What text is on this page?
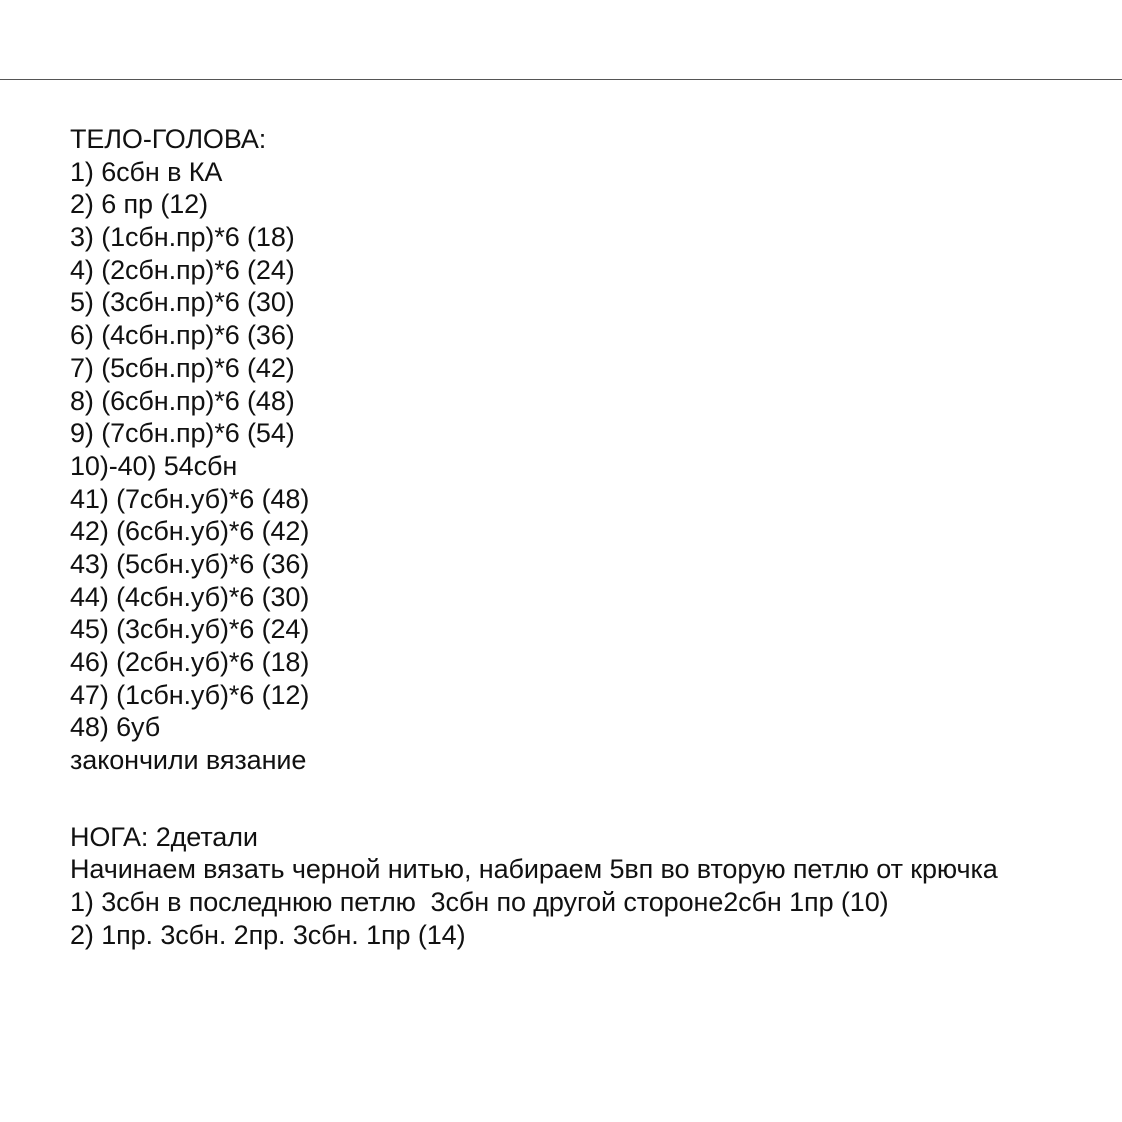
ТЕЛО-ГОЛОВА:
1) 6сбн в КА
2) 6 пр (12)
3) (1сбн.пр)*6 (18)
4) (2сбн.пр)*6 (24)
5) (3сбн.пр)*6 (30)
6) (4сбн.пр)*6 (36)
7) (5сбн.пр)*6 (42)
8) (6сбн.пр)*6 (48)
9) (7сбн.пр)*6 (54)
10)-40) 54сбн
41) (7сбн.уб)*6 (48)
42) (6сбн.уб)*6 (42)
43) (5сбн.уб)*6 (36)
44) (4сбн.уб)*6 (30)
45) (3сбн.уб)*6 (24)
46) (2сбн.уб)*6 (18)
47) (1сбн.уб)*6 (12)
48) 6уб
закончили вязание
НОГА: 2детали
Начинаем вязать черной нитью, набираем 5вп во вторую петлю от крючка
1) 3сбн в последнюю петлю  3сбн по другой стороне2сбн 1пр (10)
2) 1пр. 3сбн. 2пр. 3сбн. 1пр (14)
